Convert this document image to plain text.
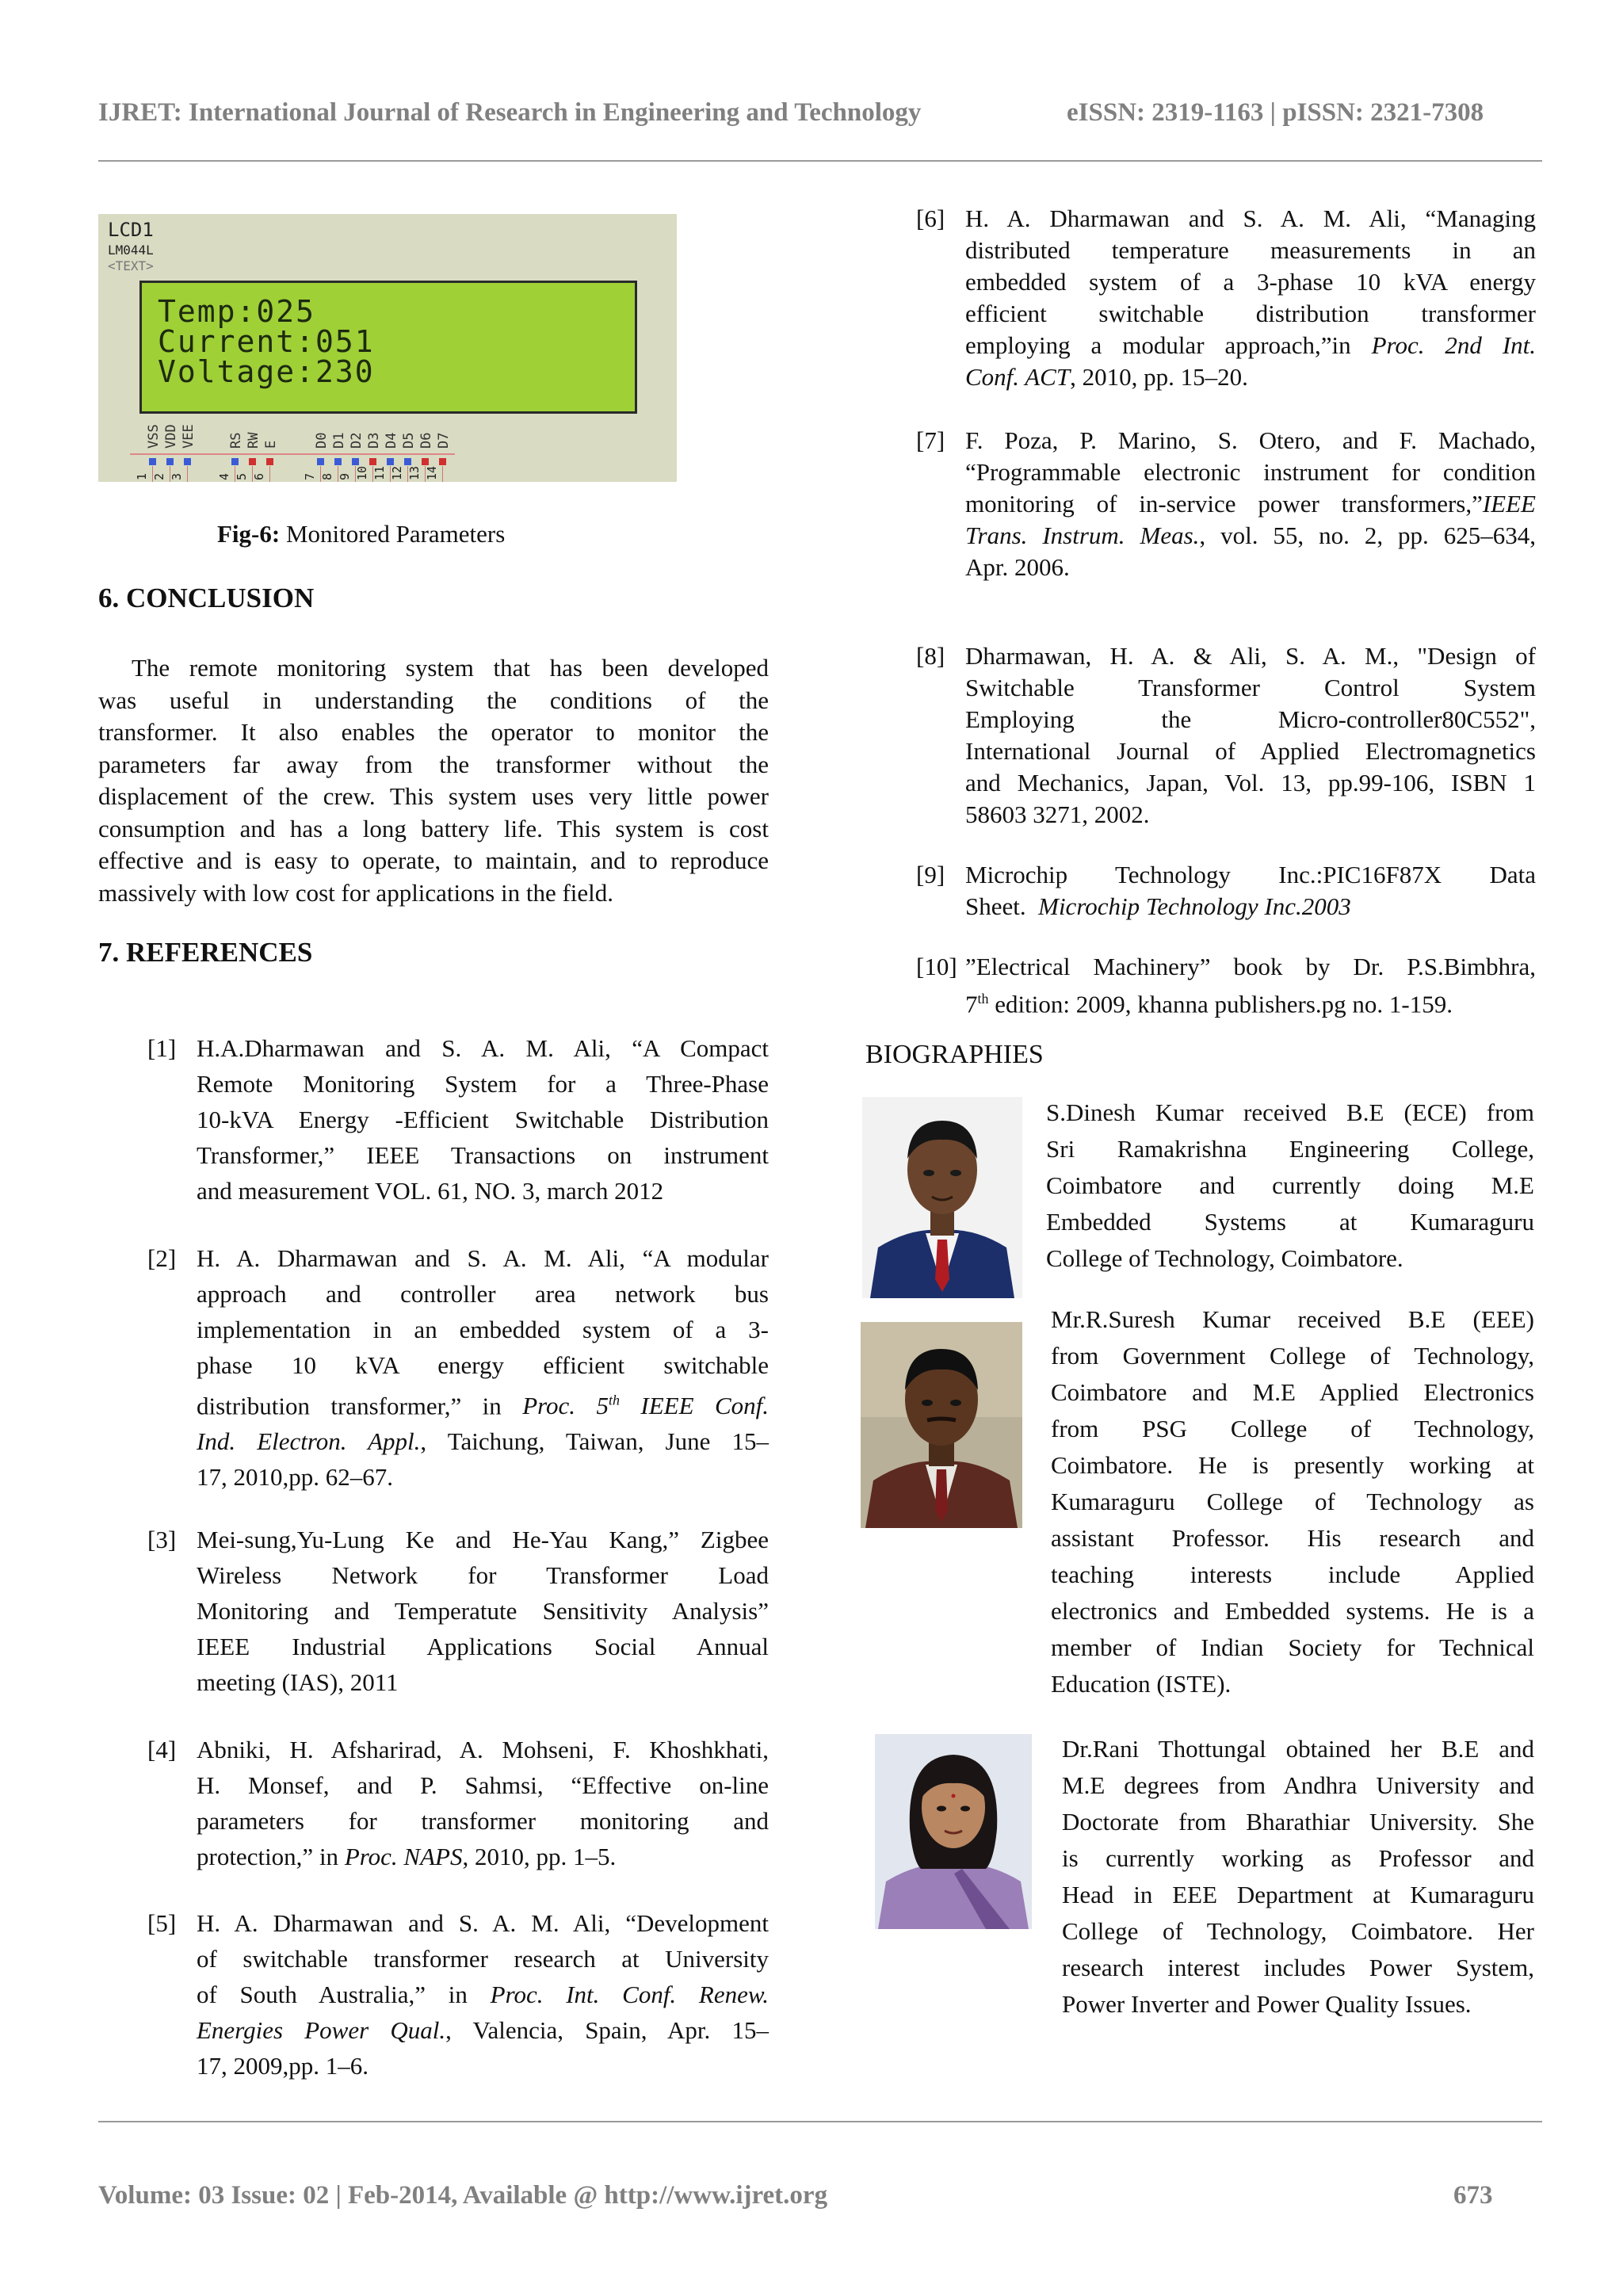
IJRET: International Journal of Research in Engineering and Technology	eISSN: 2319-1163 | pISSN: 2321-7308
LCD1
LM044L
<TEXT>
Temp:025
Current:051
Voltage:230
VSS
1
VDD
2
VEE
3
RS
4
RW
5
E
6
D0
7
D1
8
D2
9
D3
10
D4
11
D5
12
D6
13
D7
14
Fig-6: Monitored Parameters
6. CONCLUSION
The remote monitoring system that has been developed
was useful in understanding the conditions of the
transformer. It also enables the operator to monitor the
parameters far away from the transformer without the
displacement of the crew. This system uses very little power
consumption and has a long battery life. This system is cost
effective and is easy to operate, to maintain, and to reproduce
massively with low cost for applications in the field.
7. REFERENCES
[1] H.A.Dharmawan and S. A. M. Ali, “A Compact
Remote Monitoring System for a Three-Phase
10-kVA Energy -Efficient Switchable Distribution
Transformer,” IEEE Transactions on instrument
and measurement VOL. 61, NO. 3, march 2012
[2] H. A. Dharmawan and S. A. M. Ali, “A modular
approach and controller area network bus
implementation in an embedded system of a 3-
phase 10 kVA energy efficient switchable
distribution transformer,” in Proc. 5th IEEE Conf.
Ind. Electron. Appl., Taichung, Taiwan, June 15–
17, 2010,pp. 62–67.
[3] Mei-sung,Yu-Lung Ke and He-Yau Kang,” Zigbee
Wireless Network for Transformer Load
Monitoring and Temperatute Sensitivity Analysis”
IEEE Industrial Applications Social Annual
meeting (IAS), 2011
[4] Abniki, H. Afsharirad, A. Mohseni, F. Khoshkhati,
H. Monsef, and P. Sahmsi, “Effective on-line
parameters for transformer monitoring and
protection,” in Proc. NAPS, 2010, pp. 1–5.
[5] H. A. Dharmawan and S. A. M. Ali, “Development
of switchable transformer research at University
of South Australia,” in Proc. Int. Conf. Renew.
Energies Power Qual., Valencia, Spain, Apr. 15–
17, 2009,pp. 1–6.
[6] H. A. Dharmawan and S. A. M. Ali, “Managing
distributed temperature measurements in an
embedded system of a 3-phase 10 kVA energy
efficient switchable distribution transformer
employing a modular approach,”in Proc. 2nd Int.
Conf. ACT, 2010, pp. 15–20.
[7] F. Poza, P. Marino, S. Otero, and F. Machado,
“Programmable electronic instrument for condition
monitoring of in-service power transformers,”IEEE
Trans. Instrum. Meas., vol. 55, no. 2, pp. 625–634,
Apr. 2006.
[8] Dharmawan, H. A. & Ali, S. A. M., "Design of
Switchable Transformer Control System
Employing the Micro-controller80C552",
International Journal of Applied Electromagnetics
and Mechanics, Japan, Vol. 13, pp.99-106, ISBN 1
58603 3271, 2002.
[9] Microchip Technology Inc.:PIC16F87X Data
Sheet.  Microchip Technology Inc.2003
[10] ”Electrical Machinery” book by Dr. P.S.Bimbhra,
7th edition: 2009, khanna publishers.pg no. 1-159.
BIOGRAPHIES
S.Dinesh Kumar received B.E (ECE) from
Sri Ramakrishna Engineering College,
Coimbatore and currently doing M.E
Embedded Systems at Kumaraguru
College of Technology, Coimbatore.
Mr.R.Suresh Kumar received B.E (EEE)
from Government College of Technology,
Coimbatore and M.E Applied Electronics
from PSG College of Technology,
Coimbatore. He is presently working at
Kumaraguru College of Technology as
assistant Professor. His research and
teaching interests include Applied
electronics and Embedded systems. He is a
member of Indian Society for Technical
Education (ISTE).
Dr.Rani Thottungal obtained her B.E and
M.E degrees from Andhra University and
Doctorate from Bharathiar University. She
is currently working as Professor and
Head in EEE Department at Kumaraguru
College of Technology, Coimbatore. Her
research interest includes Power System,
Power Inverter and Power Quality Issues.
Volume: 03 Issue: 02 | Feb-2014, Available @ http://www.ijret.org	673
